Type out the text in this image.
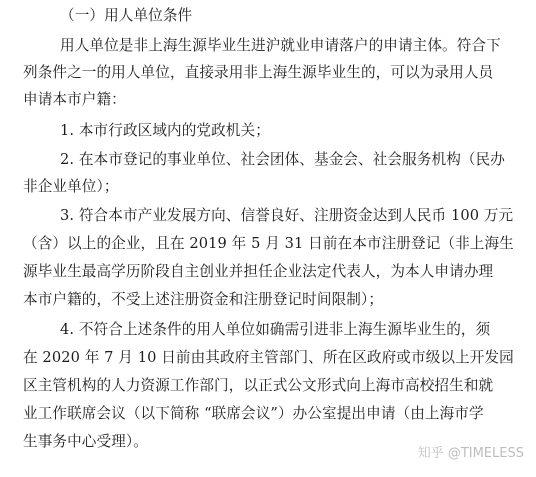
（一）用人单位条件
用人单位是非上海生源毕业生进沪就业申请落户的申请主体。符合下
列条件之一的用人单位，直接录用非上海生源毕业生的，可以为录用人员
申请本市户籍：
1. 本市行政区域内的党政机关；
2. 在本市登记的事业单位、社会团体、基金会、社会服务机构（民办
非企业单位）；
3. 符合本市产业发展方向、信誉良好、注册资金达到人民币 100 万元
（含）以上的企业，且在 2019 年 5 月 31 日前在本市注册登记（非上海生
源毕业生最高学历阶段自主创业并担任企业法定代表人，为本人申请办理
本市户籍的，不受上述注册资金和注册登记时间限制）；
4. 不符合上述条件的用人单位如确需引进非上海生源毕业生的，须
在 2020 年 7 月 10 日前由其政府主管部门、所在区政府或市级以上开发园
区主管机构的人力资源工作部门，以正式公文形式向上海市高校招生和就
业工作联席会议（以下简称 “联席会议”）办公室提出申请（由上海市学
生事务中心受理）。
知乎 @TIMELESS
